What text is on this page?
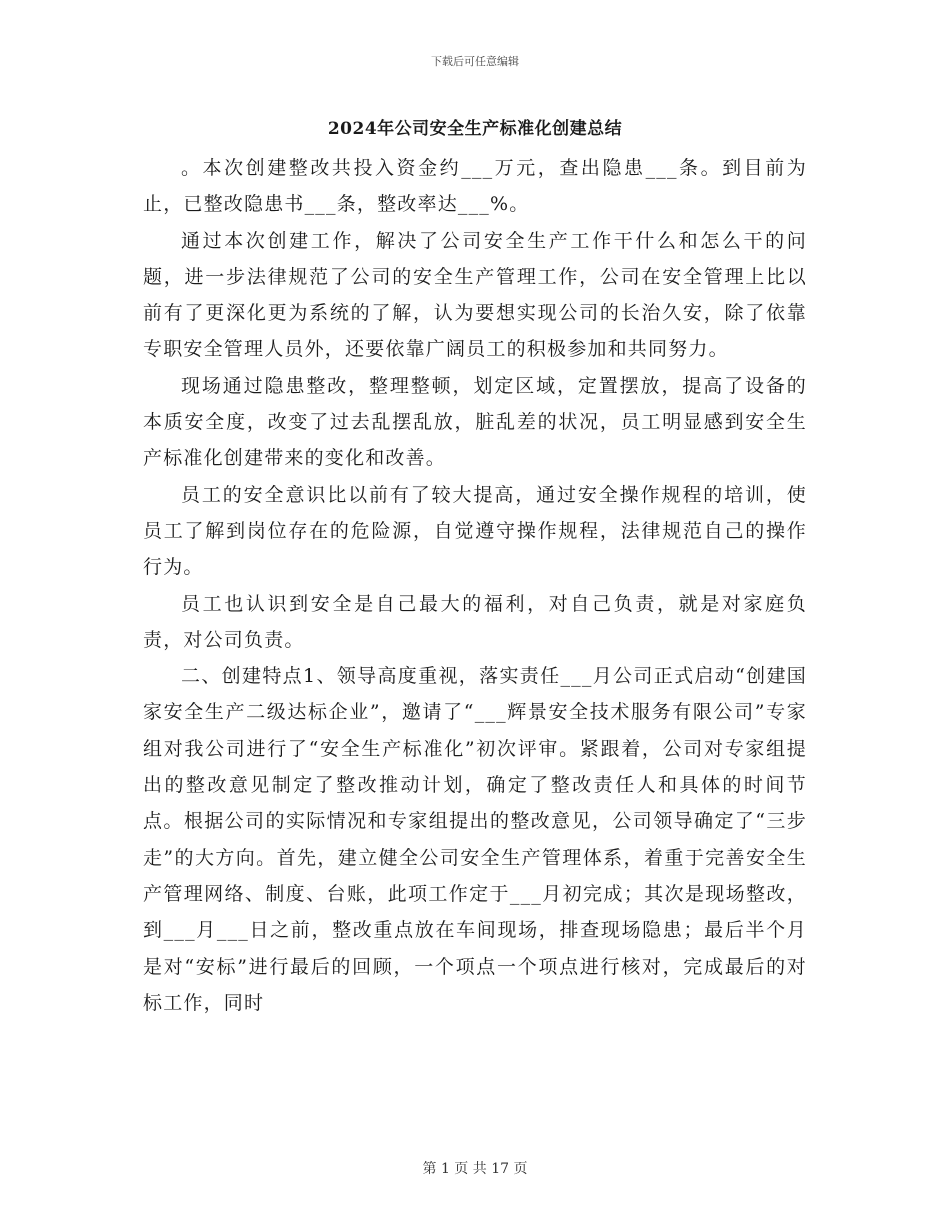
下载后可任意编辑
2024年公司安全生产标准化创建总结

。本次创建整改共投入资金约___万元，查出隐患___条。到目前为止，已整改隐患书___条，整改率达___%。

通过本次创建工作，解决了公司安全生产工作干什么和怎么干的问题，进一步法律规范了公司的安全生产管理工作，公司在安全管理上比以前有了更深化更为系统的了解，认为要想实现公司的长治久安，除了依靠专职安全管理人员外，还要依靠广阔员工的积极参加和共同努力。

现场通过隐患整改，整理整顿，划定区域，定置摆放，提高了设备的本质安全度，改变了过去乱摆乱放，脏乱差的状况，员工明显感到安全生产标准化创建带来的变化和改善。

员工的安全意识比以前有了较大提高，通过安全操作规程的培训，使员工了解到岗位存在的危险源，自觉遵守操作规程，法律规范自己的操作行为。

员工也认识到安全是自己最大的福利，对自己负责，就是对家庭负责，对公司负责。

二、创建特点1、领导高度重视，落实责任___月公司正式启动“创建国家安全生产二级达标企业”，邀请了“___辉景安全技术服务有限公司”专家组对我公司进行了“安全生产标准化”初次评审。紧跟着，公司对专家组提出的整改意见制定了整改推动计划，确定了整改责任人和具体的时间节点。根据公司的实际情况和专家组提出的整改意见，公司领导确定了“三步走”的大方向。首先，建立健全公司安全生产管理体系，着重于完善安全生产管理网络、制度、台账，此项工作定于___月初完成；其次是现场整改，到___月___日之前，整改重点放在车间现场，排查现场隐患；最后半个月是对“安标”进行最后的回顾，一个项点一个项点进行核对，完成最后的对标工作，同时

第 1 页 共 17 页
